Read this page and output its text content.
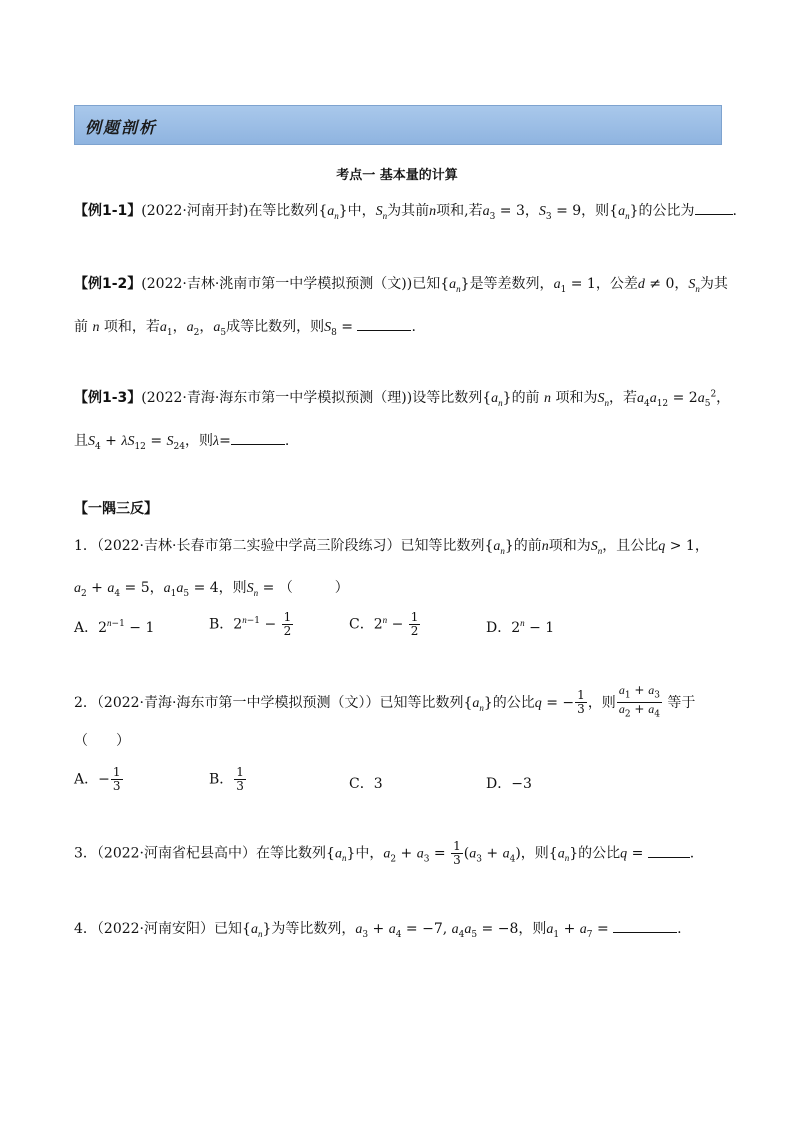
例题剖析
考点一 基本量的计算
【例1-1】(2022·河南开封)在等比数列$\{a_n\}$中，$S_n$为其前n项和,若$a_3 = 3$，$S_3 = 9$，则$\{a_n\}$的公比为	.
【例1-2】(2022·吉林·洮南市第一中学模拟预测（文))已知$\{a_n\}$是等差数列，$a_1 = 1$，公差d ≠ 0，$S_n$为其
前 n 项和，若$a_1$，$a_2$，$a_5$成等比数列，则$S_8$ =	.
【例1-3】(2022·青海·海东市第一中学模拟预测（理))设等比数列$\{a_n\}$的前 n 项和为$S_n$，若$a_4a_{12} = 2a_5^2$，
且$S_4 + \lambda S_{12} = S_{24}$，则λ=	.
【一隅三反】
1．（2022·吉林·长春市第二实验中学高三阶段练习）已知等比数列$\{a_n\}$的前n项和为$S_n$，且公比q > 1，
$a_2 + a_4 = 5$，$a_1a_5 = 4$，则$S_n$ = （　　　）
A．$2^{n-1} - 1$	B．$2^{n-1} - \frac{1}{2}$	C．$2^n - \frac{1}{2}$	D．$2^n - 1$
2．（2022·青海·海东市第一中学模拟预测（文））已知等比数列$\{a_n\}$的公比q = − $\frac{1}{3}$ ，则 $\frac{a_1 + a_3}{a_2 + a_4}$ 等于
（　　）
A．− $\frac{1}{3}$	B． $\frac{1}{3}$	C．3	D．−3
3．（2022·河南省杞县高中）在等比数列$\{a_n\}$中，$a_2 + a_3 = \frac{1}{3} (a_3 + a_4)$，则$\{a_n\}$的公比q =	.
4．（2022·河南安阳）已知$\{a_n\}$为等比数列，$a_3 + a_4 = -7$, $a_4a_5 = -8$，则$a_1 + a_7$ =	.
